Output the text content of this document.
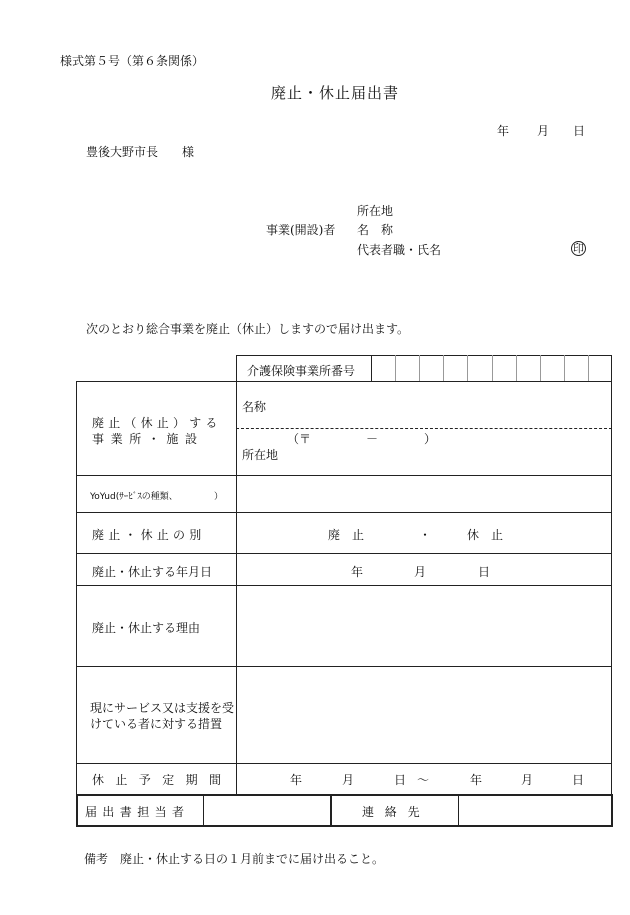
様式第５号（第６条関係）
廃止・休止届出書
年 月 日
豊後大野市長　　様
所在地
事業(開設)者 名　称
代表者職・氏名	印
次のとおり総合事業を廃止（休止）しますので届け出ます。
介護保険事業所番号
廃止（休止）する
事業所・施設
名称
（〒	－	）
所在地
YoYud(ｻｰﾋﾞｽの種類、	）
廃止・休止の別	廃　止	・	休　止
廃止・休止する年月日	年	月	日
廃止・休止する理由
現にサービス又は支援を受
けている者に対する措置
休止予定期間	年	月	日 ～	年	月	日
届出書担当者	連絡先
備考　廃止・休止する日の１月前までに届け出ること。
